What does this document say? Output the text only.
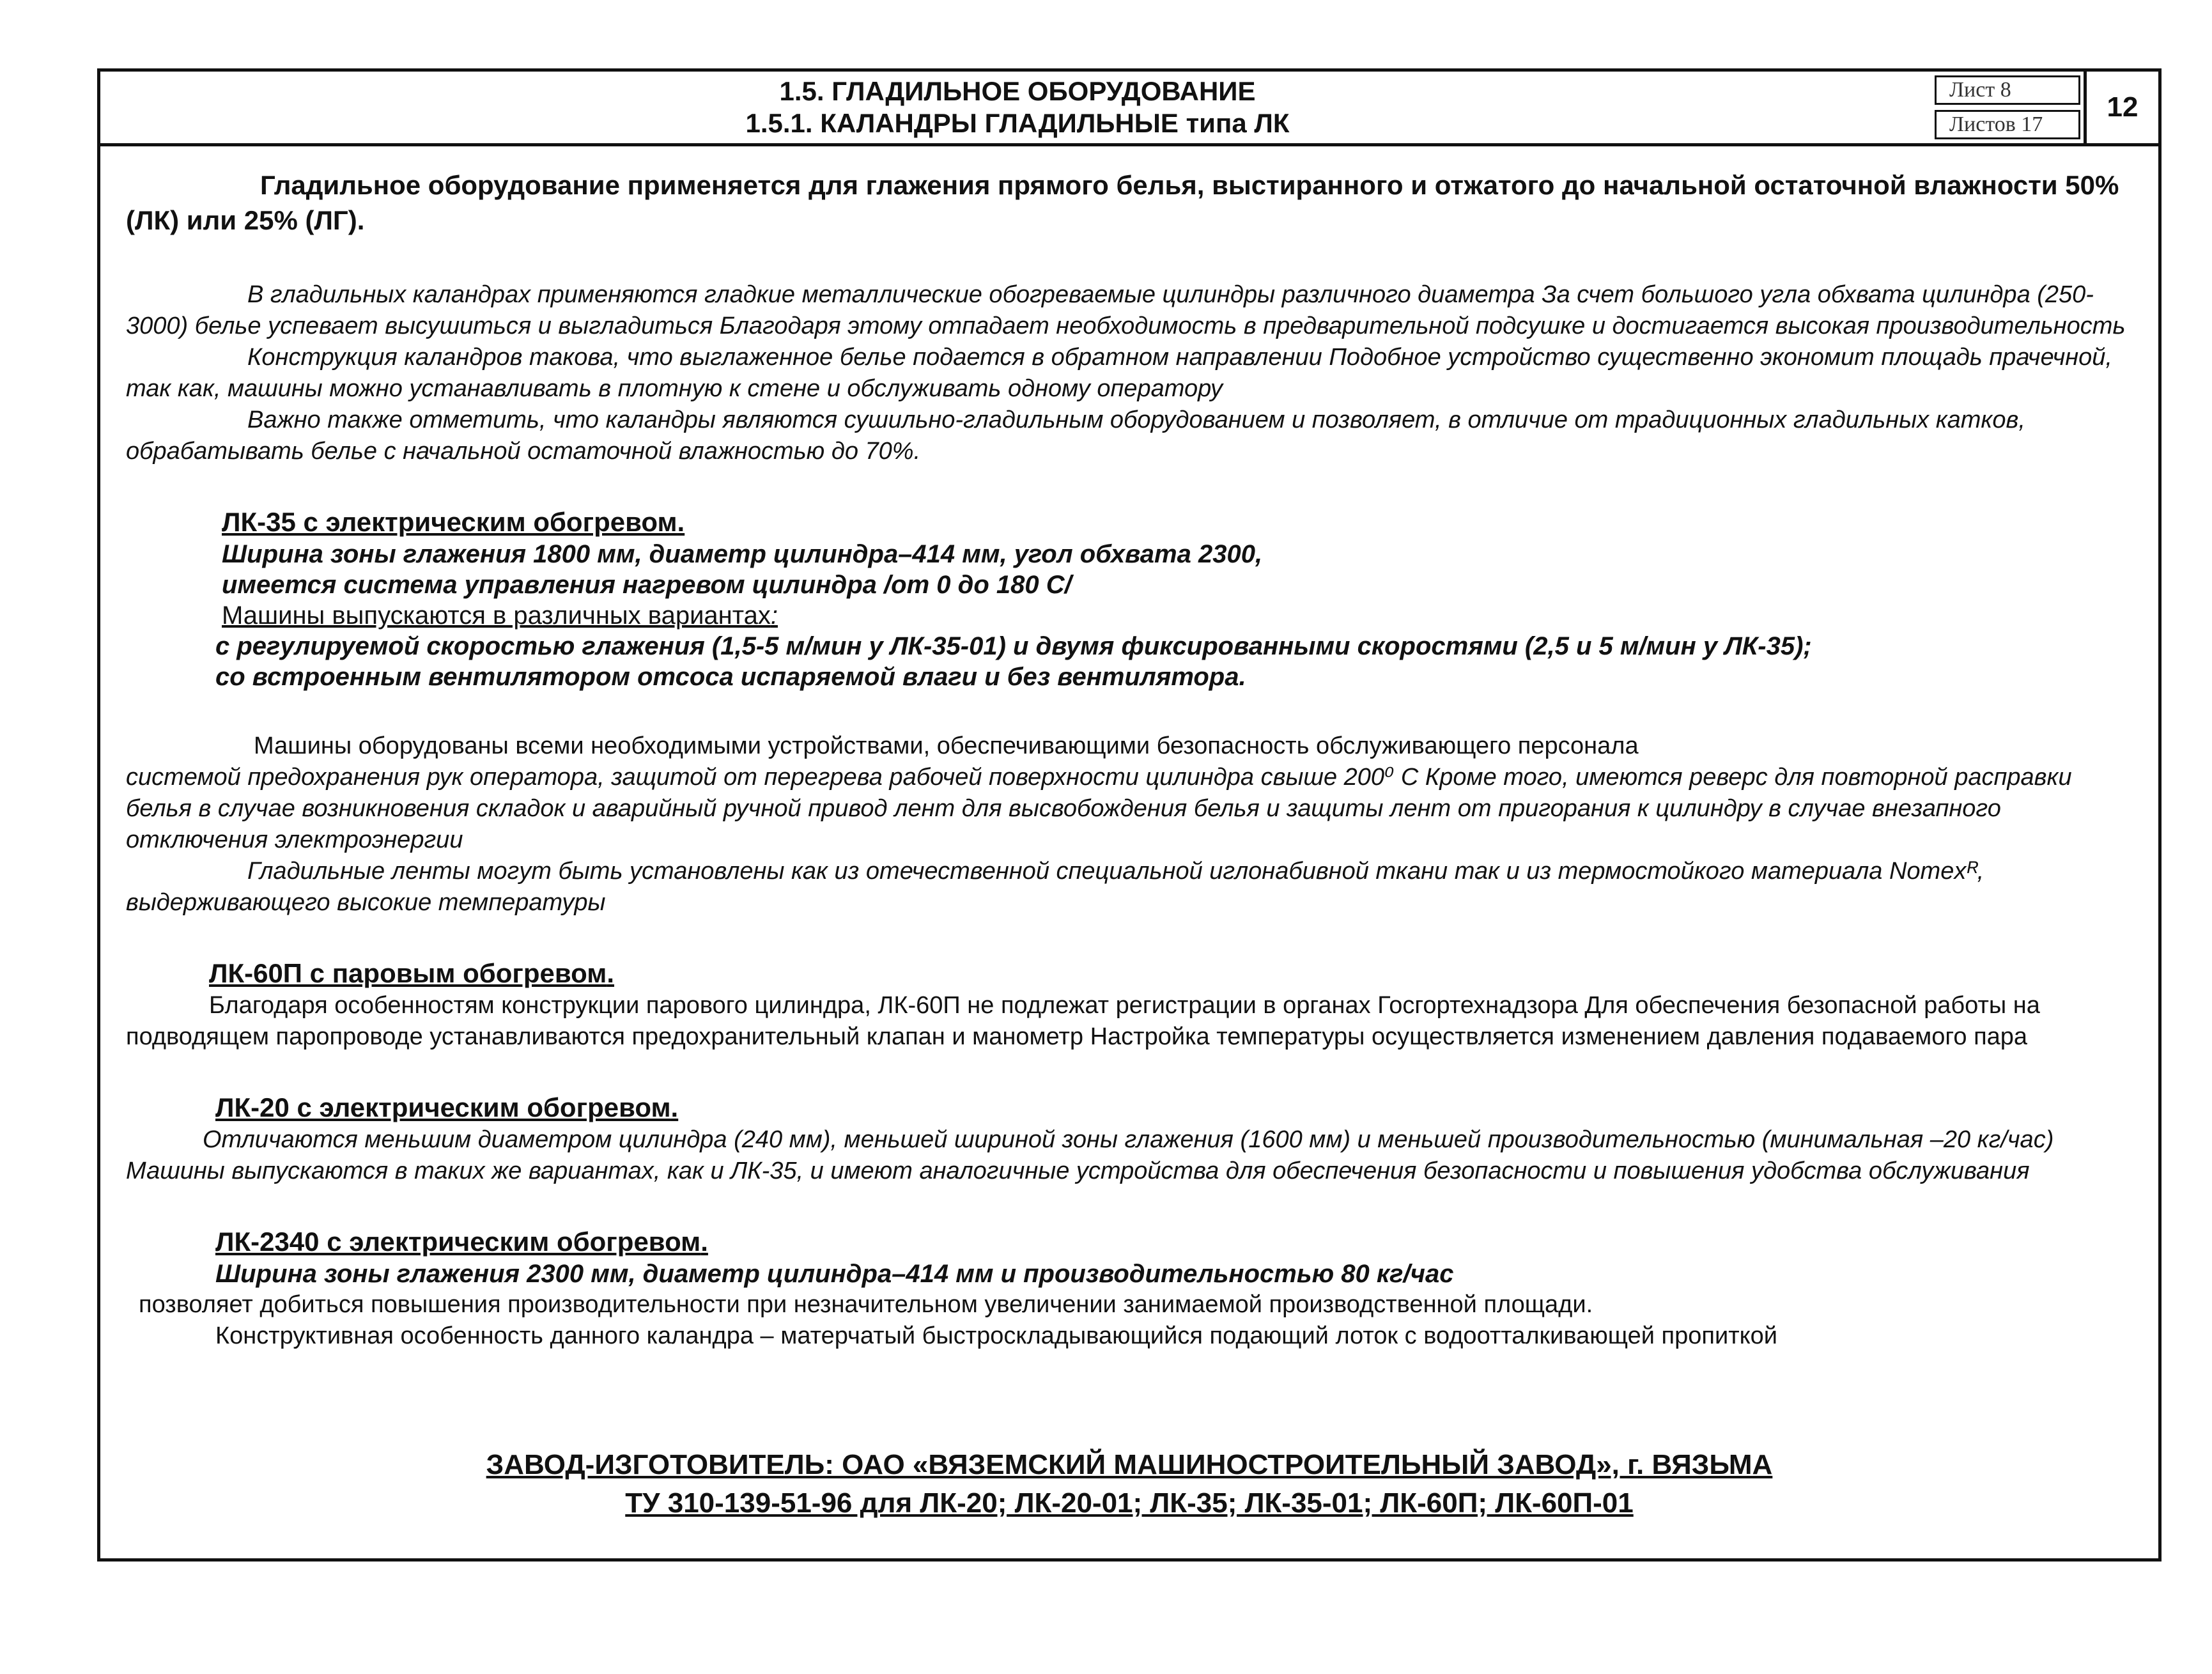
1.5. ГЛАДИЛЬНОЕ ОБОРУДОВАНИЕ
1.5.1. КАЛАНДРЫ ГЛАДИЛЬНЫЕ типа ЛК
Лист 8
Листов 17
12

Гладильное оборудование применяется для глажения прямого белья, выстиранного и отжатого до начальной остаточной влажности 50% (ЛК) или 25% (ЛГ).

В гладильных каландрах применяются гладкие металлические обогреваемые цилиндры различного диаметра За счет большого угла обхвата цилиндра (250-3000) белье успевает высушиться и выгладиться Благодаря этому отпадает необходимость в предварительной подсушке и достигается высокая производительность

Конструкция каландров такова, что выглаженное белье подается в обратном направлении Подобное устройство существенно экономит площадь прачечной, так как, машины можно устанавливать в плотную к стене и обслуживать одному оператору

Важно также отметить, что каландры являются сушильно-гладильным оборудованием и позволяет, в отличие от традиционных гладильных катков, обрабатывать белье с начальной остаточной влажностью до 70%.

ЛК-35 с электрическим обогревом.

Ширина зоны глажения 1800 мм, диаметр цилиндра–414 мм, угол обхвата 2300,

имеется система управления нагревом цилиндра /от 0 до 180 С/

Машины выпускаются в различных вариантах:

с регулируемой скоростью глажения (1,5-5 м/мин у ЛК-35-01) и двумя фиксированными скоростями (2,5 и 5 м/мин у ЛК-35);

со встроенным вентилятором отсоса испаряемой влаги и без вентилятора.

Машины оборудованы всеми необходимыми устройствами, обеспечивающими безопасность обслуживающего персонала

системой предохранения рук оператора, защитой от перегрева рабочей поверхности цилиндра свыше 200⁰ С Кроме того, имеются реверс для повторной расправки белья в случае возникновения складок и аварийный ручной привод лент для высвобождения белья и защиты лент от пригорания к цилиндру в случае внезапного отключения электроэнергии

Гладильные ленты могут быть установлены как из отечественной специальной иглонабивной ткани так и из термостойкого материала Nomexᴿ, выдерживающего высокие температуры

ЛК-60П с паровым обогревом.

Благодаря особенностям конструкции парового цилиндра, ЛК-60П не подлежат регистрации в органах Госгортехнадзора Для обеспечения безопасной работы на подводящем паропроводе устанавливаются предохранительный клапан и манометр Настройка температуры осуществляется изменением давления подаваемого пара

ЛК-20 с электрическим обогревом.

Отличаются меньшим диаметром цилиндра (240 мм), меньшей шириной зоны глажения (1600 мм) и меньшей производительностью (минимальная –20 кг/час) Машины выпускаются в таких же вариантах, как и ЛК-35, и имеют аналогичные устройства для обеспечения безопасности и повышения удобства обслуживания

ЛК-2340 с электрическим обогревом.

Ширина зоны глажения 2300 мм, диаметр цилиндра–414 мм и производительностью 80 кг/час

позволяет добиться повышения производительности при незначительном увеличении занимаемой производственной площади.

Конструктивная особенность данного каландра – матерчатый быстроскладывающийся подающий лоток с водоотталкивающей пропиткой

ЗАВОД-ИЗГОТОВИТЕЛЬ: ОАО «ВЯЗЕМСКИЙ МАШИНОСТРОИТЕЛЬНЫЙ ЗАВОД», г. ВЯЗЬМА
ТУ 310-139-51-96 для ЛК-20; ЛК-20-01; ЛК-35; ЛК-35-01; ЛК-60П; ЛК-60П-01
